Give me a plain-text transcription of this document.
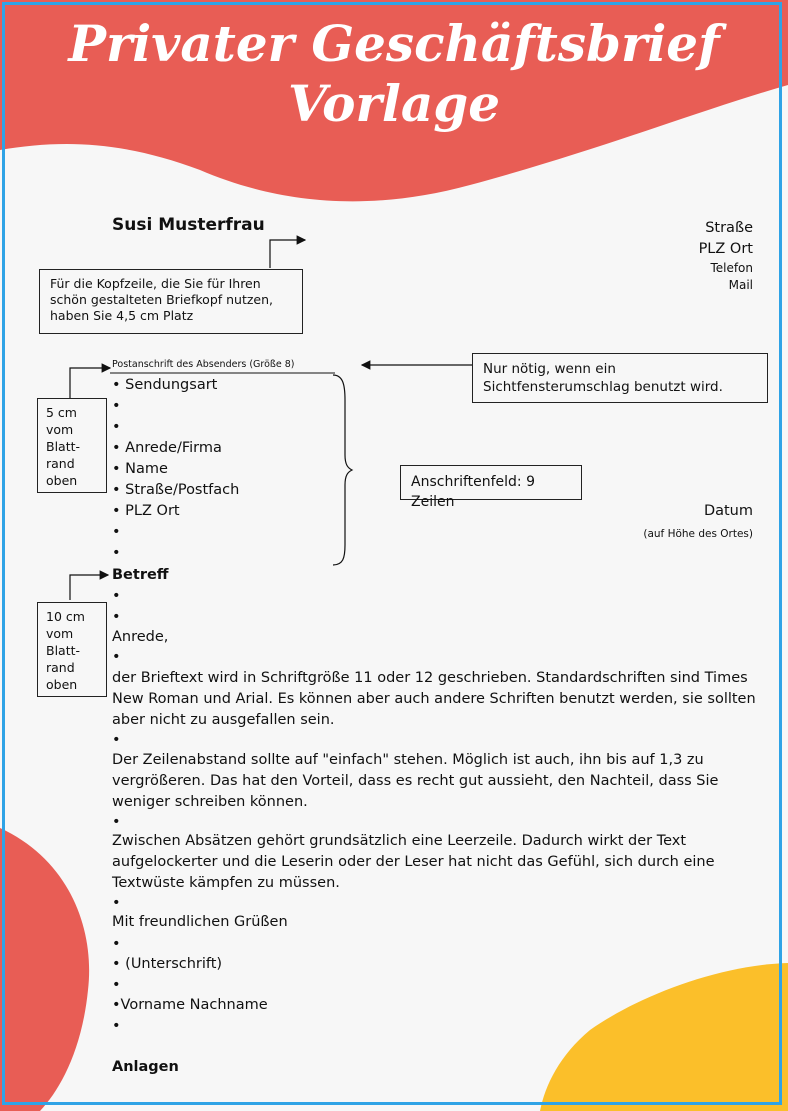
Privater Geschäftsbrief
Vorlage
Susi Musterfrau	Straße
PLZ Ort
Telefon
Mail
Für die Kopfzeile, die Sie für Ihren schön gestalteten Briefkopf nutzen, haben Sie 4,5 cm Platz
Nur nötig, wenn ein Sichtfensterumschlag benutzt wird.
Anschriftenfeld: 9 Zeilen
5 cm vom Blatt-rand oben
10 cm vom Blatt-rand oben
Postanschrift des Absenders (Größe 8)
• Sendungsart
•
•
• Anrede/Firma
• Name
• Straße/Postfach
• PLZ Ort
•
•
Datum
(auf Höhe des Ortes)
Betreff
•
•
Anrede,
•
der Brieftext wird in Schriftgröße 11 oder 12 geschrieben. Standardschriften sind Times New Roman und Arial. Es können aber auch andere Schriften benutzt werden, sie sollten aber nicht zu ausgefallen sein.
•
Der Zeilenabstand sollte auf "einfach" stehen. Möglich ist auch, ihn bis auf 1,3 zu vergrößeren. Das hat den Vorteil, dass es recht gut aussieht, den Nachteil, dass Sie weniger schreiben können.
•
Zwischen Absätzen gehört grundsätzlich eine Leerzeile. Dadurch wirkt der Text aufgelockerter und die Leserin oder der Leser hat nicht das Gefühl, sich durch eine Textwüste kämpfen zu müssen.
•
Mit freundlichen Grüßen
•
• (Unterschrift)
•
•Vorname Nachname
•
Anlagen
